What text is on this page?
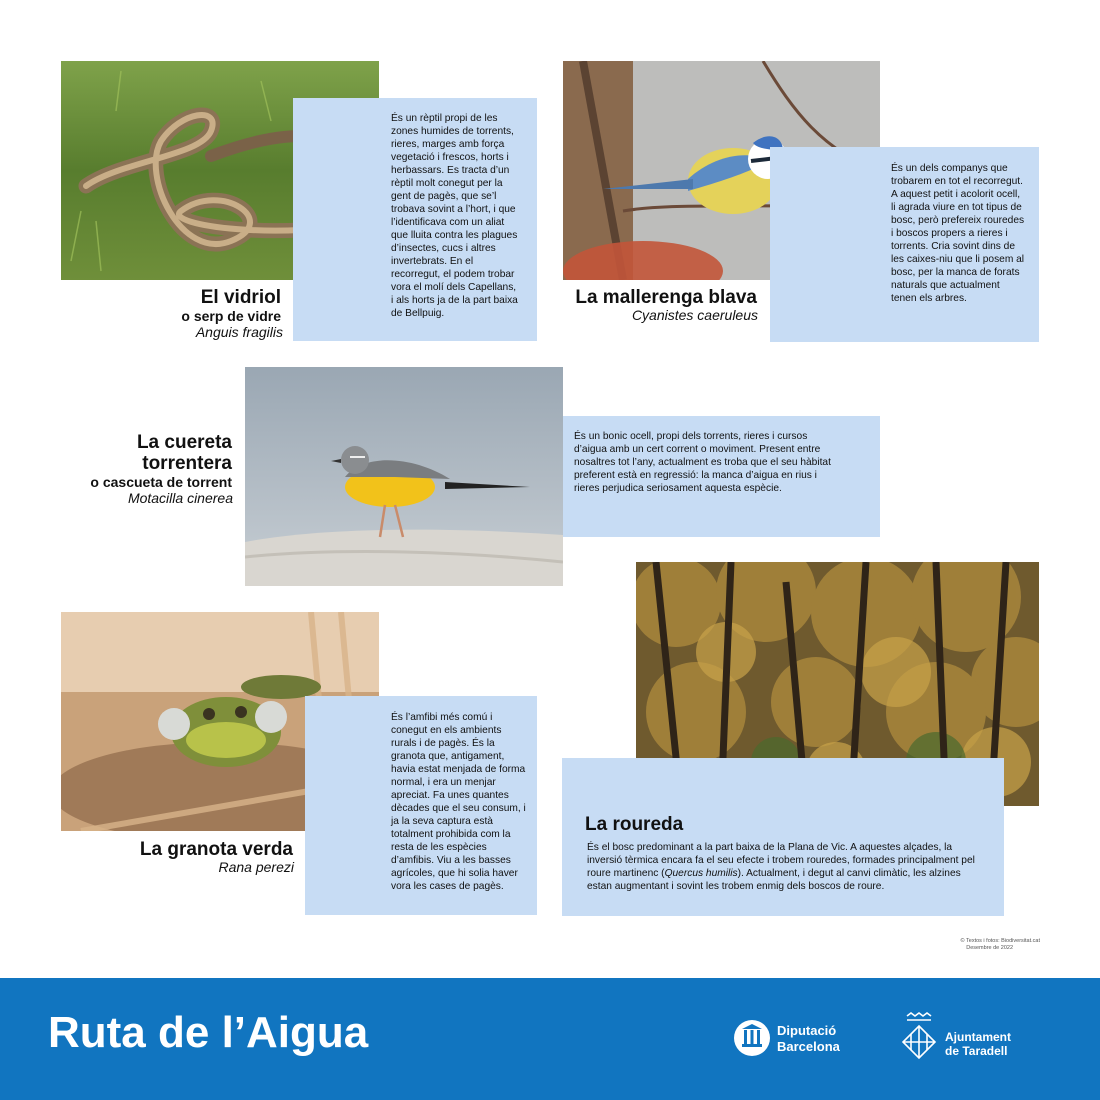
És un rèptil propi de les zones humides de torrents, rieres, marges amb força vegetació i frescos, horts i herbassars. Es tracta d’un rèptil molt conegut per la gent de pagès, que se’l trobava sovint a l’hort, i que l’identificava com un aliat que lluita contra les plagues d’insectes, cucs i altres invertebrats. En el recorregut, el podem trobar vora el molí dels Capellans, i als horts ja de la part baixa de Bellpuig.

El vidriol
o serp de vidre
Anguis fragilis

És un dels companys que trobarem en tot el recorregut. A aquest petit i acolorit ocell, li agrada viure en tot tipus de bosc, però prefereix rouredes i boscos propers a rieres i torrents. Cria sovint dins de les caixes-niu que li posem al bosc, per la manca de forats naturals que actualment tenen els arbres.

La mallerenga blava
Cyanistes caeruleus

És un bonic ocell, propi dels torrents, rieres i cursos d’aigua amb un cert corrent o moviment. Present entre nosaltres tot l’any, actualment es troba que el seu hàbitat preferent està en regressió: la manca d’aigua en rius i rieres perjudica seriosament aquesta espècie.

La cuereta
torrentera
o cascueta de torrent
Motacilla cinerea

És l’amfibi més comú i conegut en els ambients rurals i de pagès. És la granota que, antigament, havia estat menjada de forma normal, i era un menjar apreciat. Fa unes quantes dècades que el seu consum, i ja la seva captura està totalment prohibida com la resta de les espècies d’amfibis. Viu a les basses agrícoles, que hi solia haver vora les cases de pagès.

La granota verda
Rana perezi
La roureda

És el bosc predominant a la part baixa de la Plana de Vic. A aquestes alçades, la inversió tèrmica encara fa el seu efecte i trobem rouredes, formades principalment pel roure martinenc (Quercus humilis). Actualment, i degut al canvi climàtic, les alzines estan augmentant i sovint les trobem enmig dels boscos de roure.

© Textos i fotos: Biodiversitat.cat
Desembre de 2022
Ruta de l’Aigua	Diputació
Barcelona
Ajuntament
de Taradell
